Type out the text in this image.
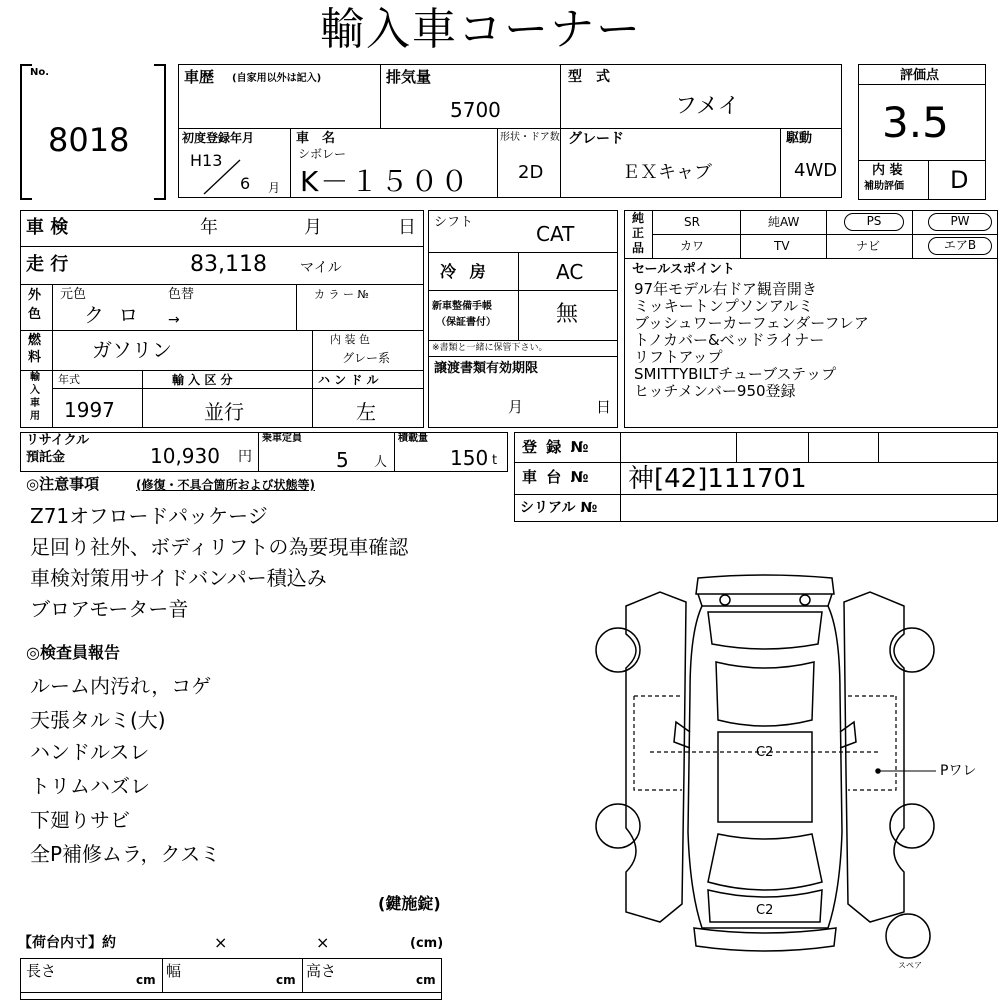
輸入車コーナー
No.
8018
車歴 (自家用以外は記入)	排気量
5700
型　式
フメイ
初度登録年月
H13
6 月
車　名
シボレー
K－１５００
形状・ドア数
2D
グレード
ＥＸキャブ
駆動
4WD
評価点
3.5
内 装
補助評価 D
車 検	年	月	日
走 行	83,118 マイル
外
色
元色	色替	カ ラ ー №
ク ロ →
燃
料	ガソリン	内 装 色
グレー系
輸
入
車
用
年式	輸 入 区 分	ハ ン ド ル
1997	並行	左
シフト	CAT
冷 房	AC
新車整備手帳
（保証書付）	無
※書類と一緒に保管下さい。
譲渡書類有効期限
月	日
純
正
品
SR	純AW	PS	PW
カワ	TV	ナビ	エアB
セールスポイント
97年モデル右ドア観音開き
ミッキートンプソンアルミ
ブッシュワーカーフェンダーフレア
トノカバー&ベッドライナー
リフトアップ
SMITTYBILTチューブステップ
ヒッチメンバー950登録
リサイクル
預託金	10,930 円
乗車定員
5 人
積載量
150 t
登 録 №
車 台 № 神[42]111701
シリアル №
◎注意事項	(修復・不具合箇所および状態等)
Z71オフロードパッケージ
足回り社外、ボディリフトの為要現車確認
車検対策用サイドバンパー積込み
ブロアモーター音
◎検査員報告
ルーム内汚れ，コゲ
天張タルミ(大)
ハンドルスレ
トリムハズレ
下廻りサビ
全P補修ムラ，クスミ
(鍵施錠)
【荷台内寸】約	×	×	(cm)
長さ	cm 幅	cm 高さ	cm
C2
C2
Pワレ
スペア
